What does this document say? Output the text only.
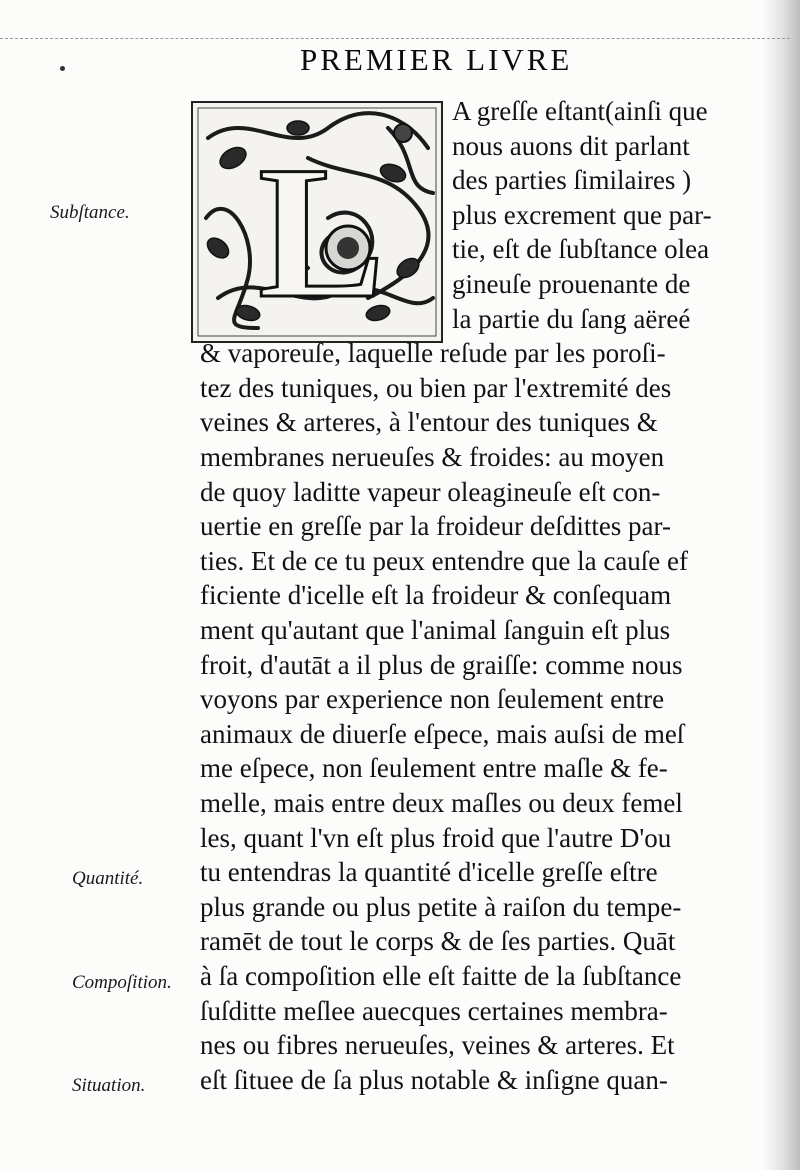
PREMIER LIVRE
L
A greſſe eſtant(ainſi que
nous auons dit parlant
des parties ſimilaires )
plus excrement que par-
tie, eſt de ſubſtance olea
gineuſe prouenante de
la partie du ſang aëreé
& vaporeuſe, laquelle reſude par les poroſi-
tez des tuniques, ou bien par l'extremité des
veines & arteres, à l'entour des tuniques &
membranes nerueuſes & froides: au moyen
de quoy laditte vapeur oleagineuſe eſt con-
uertie en greſſe par la froideur deſdittes par-
ties. Et de ce tu peux entendre que la cauſe ef
ficiente d'icelle eſt la froideur & conſequam
ment qu'autant que l'animal ſanguin eſt plus
froit, d'autāt a il plus de graiſſe: comme nous
voyons par experience non ſeulement entre
animaux de diuerſe eſpece, mais auſsi de meſ
me eſpece, non ſeulement entre maſle & fe-
melle, mais entre deux maſles ou deux femel
les, quant l'vn eſt plus froid que l'autre D'ou
tu entendras la quantité d'icelle greſſe eſtre
plus grande ou plus petite à raiſon du tempe-
ramēt de tout le corps & de ſes parties. Quāt
à ſa compoſition elle eſt faitte de la ſubſtance
ſuſditte meſlee auecques certaines membra-
nes ou fibres nerueuſes, veines & arteres. Et
eſt ſituee de ſa plus notable & inſigne quan-
Subſtance.
Quantité.
Compoſition.
Situation.
